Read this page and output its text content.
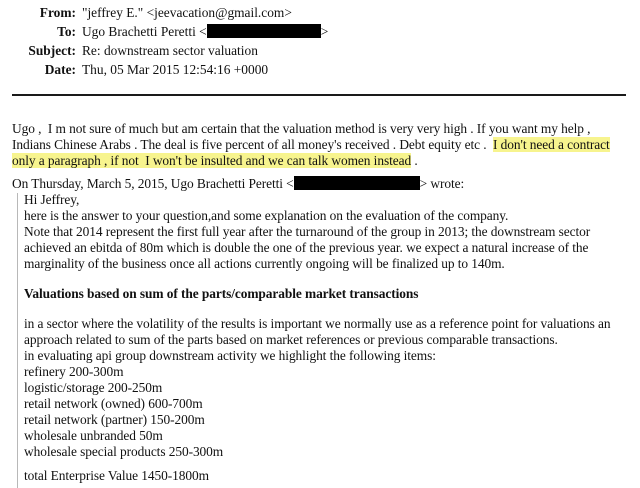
From: "jeffrey E." <jeevacation@gmail.com>
To: Ugo Brachetti Peretti <	>
Subject: Re: downstream sector valuation
Date: Thu, 05 Mar 2015 12:54:16 +0000
Ugo ,  I m not sure of much but am certain that the valuation method is very very high . If you want my help ,
Indians Chinese Arabs . The deal is five percent of all money's received . Debt equity etc .  I don't need a contract
only a paragraph , if not  I won't be insulted and we can talk women instead .
On Thursday, March 5, 2015, Ugo Brachetti Peretti <	> wrote:
Hi Jeffrey,
here is the answer to your question,and some explanation on the evaluation of the company.
Note that 2014 represent the first full year after the turnaround of the group in 2013; the downstream sector
achieved an ebitda of 80m which is double the one of the previous year. we expect a natural increase of the
marginality of the business once all actions currently ongoing will be finalized up to 140m.
Valuations based on sum of the parts/comparable market transactions
in a sector where the volatility of the results is important we normally use as a reference point for valuations an
approach related to sum of the parts based on market references or previous comparable transactions.
in evaluating api group downstream activity we highlight the following items:
refinery 200-300m
logistic/storage 200-250m
retail network (owned) 600-700m
retail network (partner) 150-200m
wholesale unbranded 50m
wholesale special products 250-300m
total Enterprise Value 1450-1800m
